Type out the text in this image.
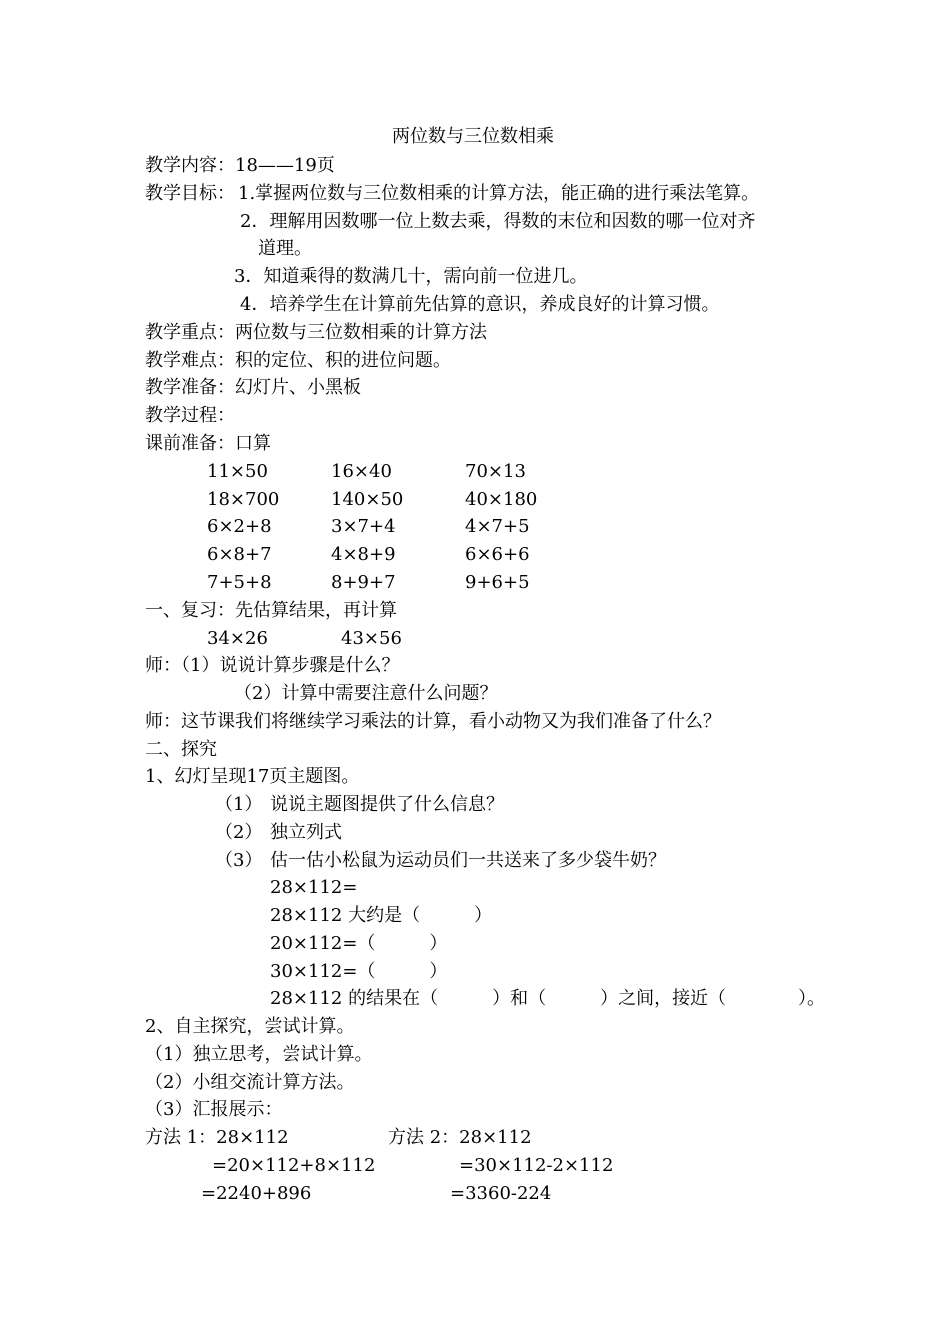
两位数与三位数相乘
教学内容：18——19页
教学目标： 1.掌握两位数与三位数相乘的计算方法，能正确的进行乘法笔算。
2．理解用因数哪一位上数去乘，得数的末位和因数的哪一位对齐
道理。
3．知道乘得的数满几十，需向前一位进几。
4．培养学生在计算前先估算的意识，养成良好的计算习惯。
教学重点：两位数与三位数相乘的计算方法
教学难点：积的定位、积的进位问题。
教学准备：幻灯片、小黑板
教学过程：
课前准备：口算
11×50	16×40	70×13
18×700	140×50	40×180
6×2+8	3×7+4	4×7+5
6×8+7	4×8+9	6×6+6
7+5+8	8+9+7	9+6+5
一、复习：先估算结果，再计算
34×26	43×56
师：（1）说说计算步骤是什么？
（2）计算中需要注意什么问题？
师：这节课我们将继续学习乘法的计算，看小动物又为我们准备了什么？
二、探究
1、幻灯呈现17页主题图。
（1） 说说主题图提供了什么信息？
（2） 独立列式
（3） 估一估小松鼠为运动员们一共送来了多少袋牛奶？
28×112=
28×112 大约是（　　　）
20×112=（　　　）
30×112=（　　　）
28×112 的结果在（　　　）和（　　　）之间，接近（　　　　）。
2、自主探究，尝试计算。
（1）独立思考，尝试计算。
（2）小组交流计算方法。
（3）汇报展示：
方法 1：28×112
=20×112+8×112
=2240+896
方法 2：28×112
=30×112-2×112
=3360-224
